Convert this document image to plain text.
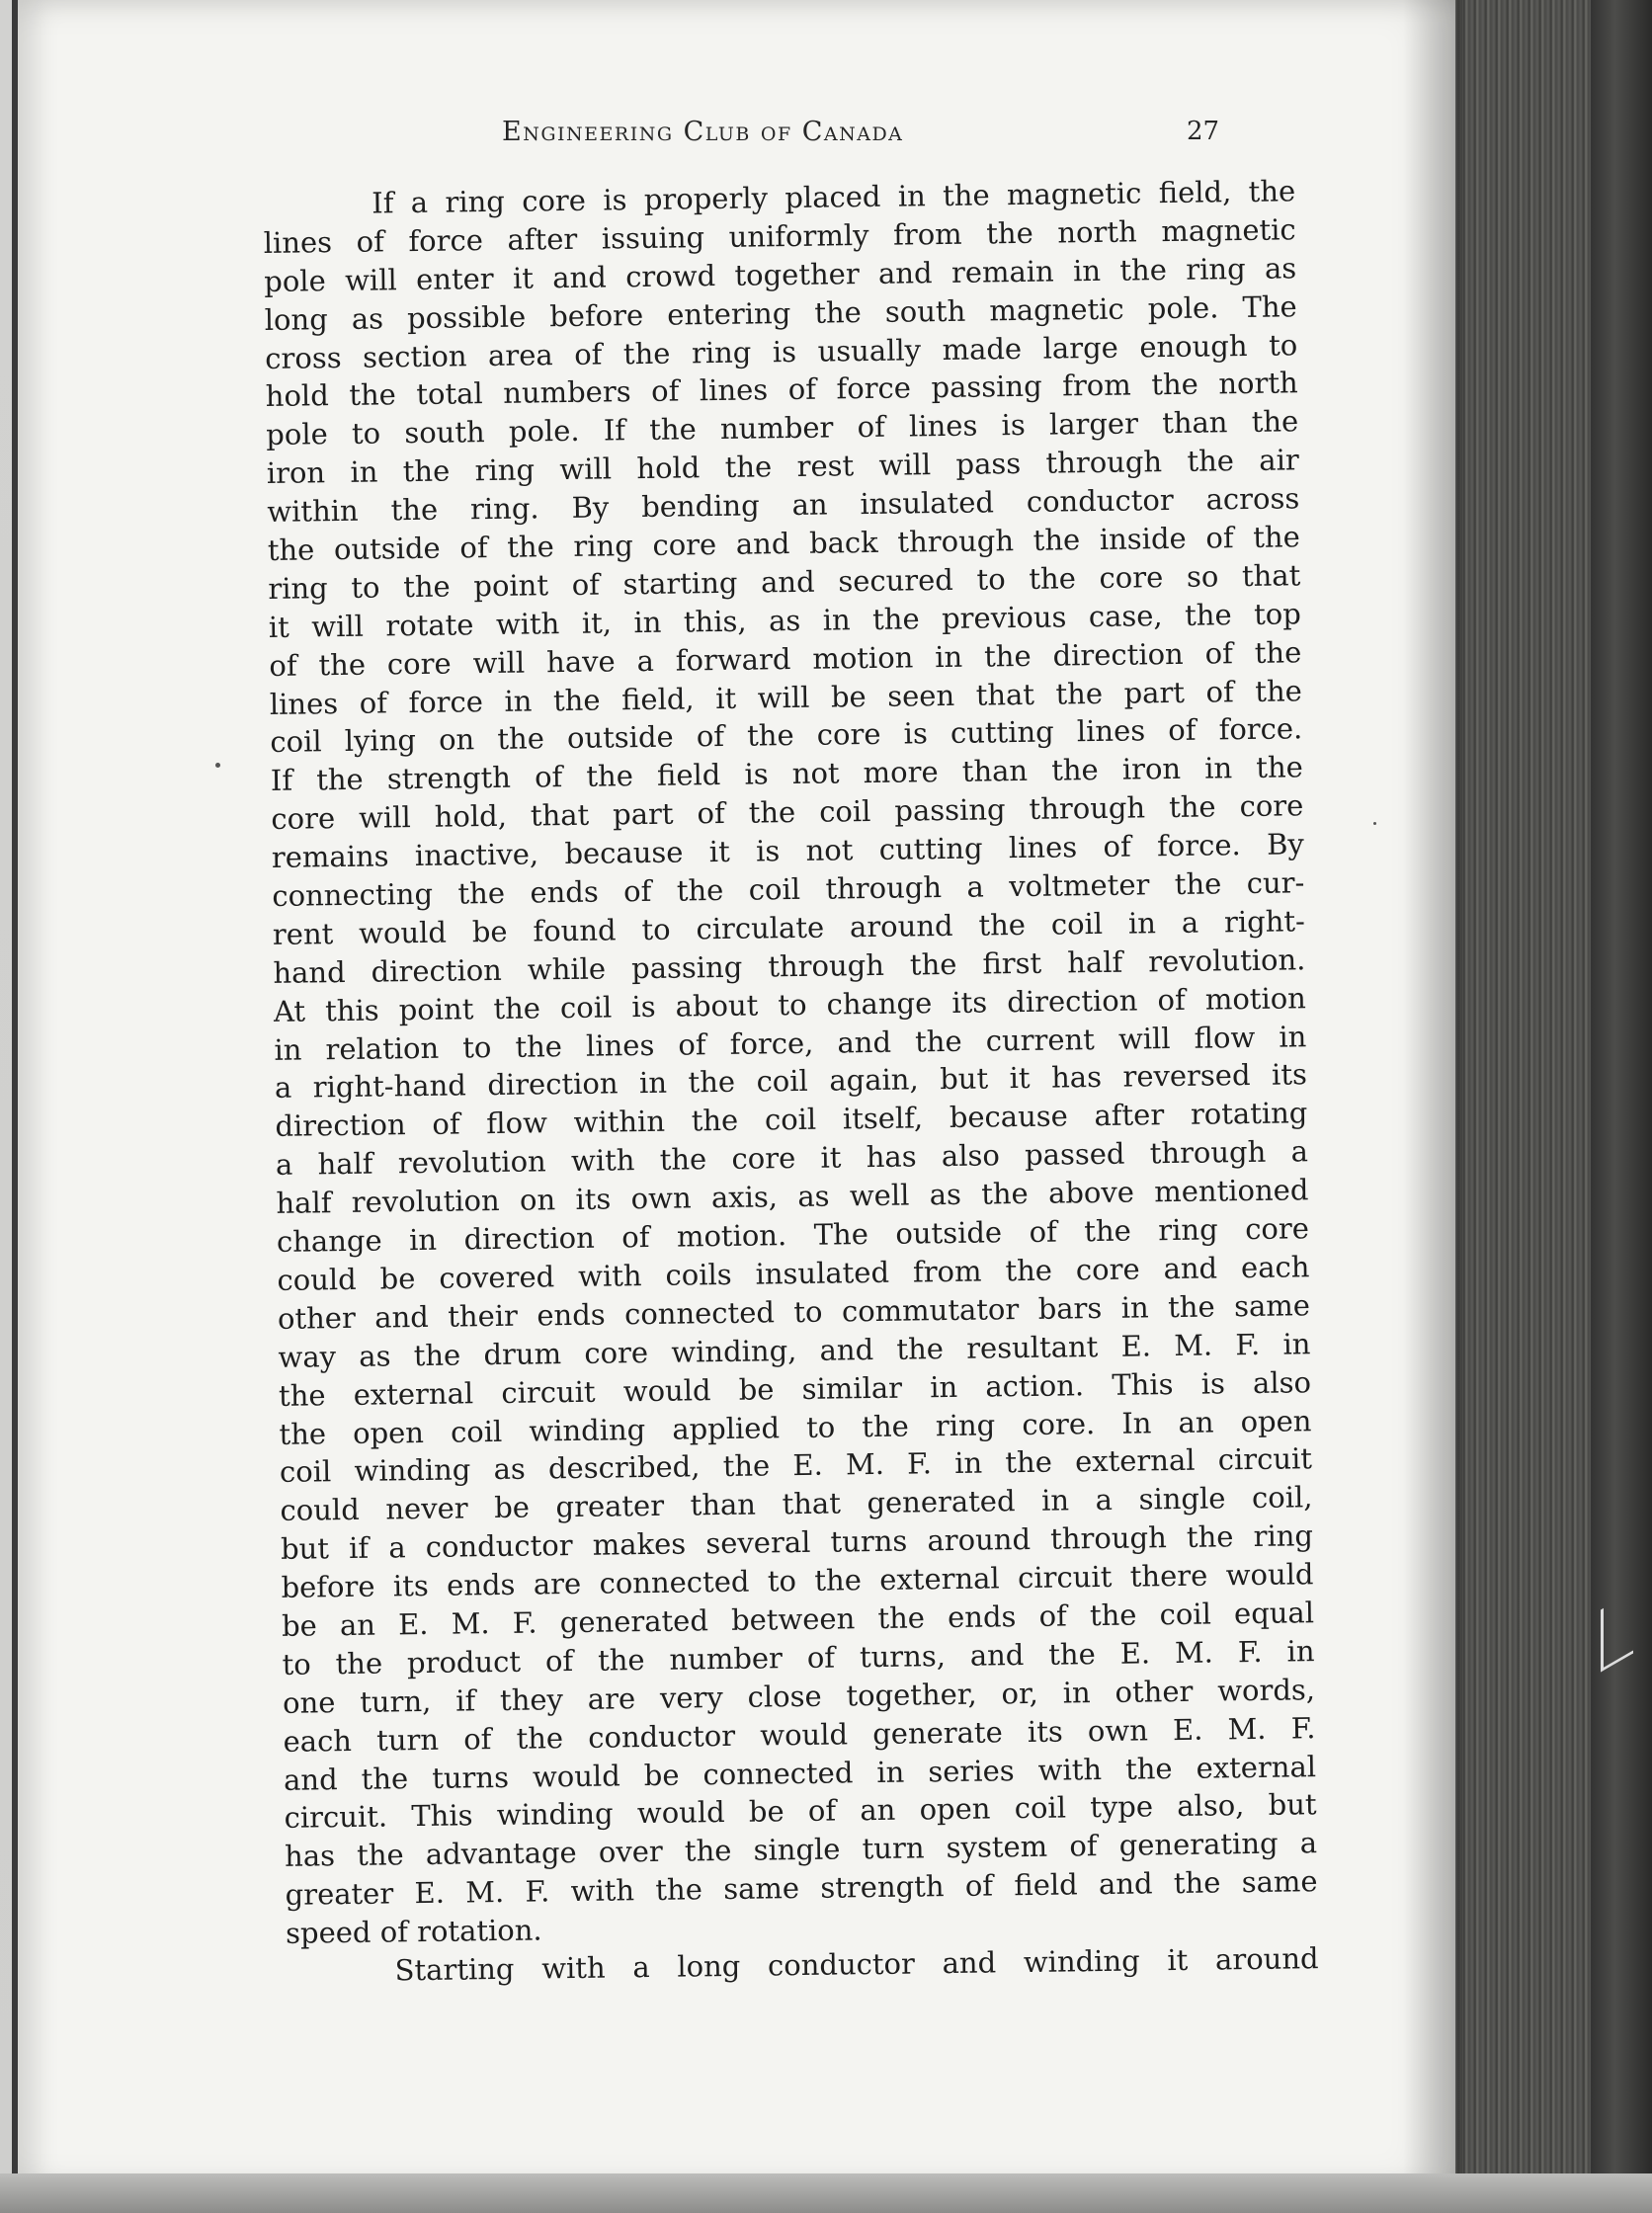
Engineering Club of Canada	27
If a ring core is properly placed in the magnetic field, the
lines of force after issuing uniformly from the north magnetic
pole will enter it and crowd together and remain in the ring as
long as possible before entering the south magnetic pole. The
cross section area of the ring is usually made large enough to
hold the total numbers of lines of force passing from the north
pole to south pole. If the number of lines is larger than the
iron in the ring will hold the rest will pass through the air
within the ring. By bending an insulated conductor across
the outside of the ring core and back through the inside of the
ring to the point of starting and secured to the core so that
it will rotate with it, in this, as in the previous case, the top
of the core will have a forward motion in the direction of the
lines of force in the field, it will be seen that the part of the
coil lying on the outside of the core is cutting lines of force.
If the strength of the field is not more than the iron in the
core will hold, that part of the coil passing through the core
remains inactive, because it is not cutting lines of force. By
connecting the ends of the coil through a voltmeter the cur-
rent would be found to circulate around the coil in a right-
hand direction while passing through the first half revolution.
At this point the coil is about to change its direction of motion
in relation to the lines of force, and the current will flow in
a right-hand direction in the coil again, but it has reversed its
direction of flow within the coil itself, because after rotating
a half revolution with the core it has also passed through a
half revolution on its own axis, as well as the above mentioned
change in direction of motion. The outside of the ring core
could be covered with coils insulated from the core and each
other and their ends connected to commutator bars in the same
way as the drum core winding, and the resultant E. M. F. in
the external circuit would be similar in action. This is also
the open coil winding applied to the ring core. In an open
coil winding as described, the E. M. F. in the external circuit
could never be greater than that generated in a single coil,
but if a conductor makes several turns around through the ring
before its ends are connected to the external circuit there would
be an E. M. F. generated between the ends of the coil equal
to the product of the number of turns, and the E. M. F. in
one turn, if they are very close together, or, in other words,
each turn of the conductor would generate its own E. M. F.
and the turns would be connected in series with the external
circuit. This winding would be of an open coil type also, but
has the advantage over the single turn system of generating a
greater E. M. F. with the same strength of field and the same
speed of rotation.
Starting with a long conductor and winding it around
